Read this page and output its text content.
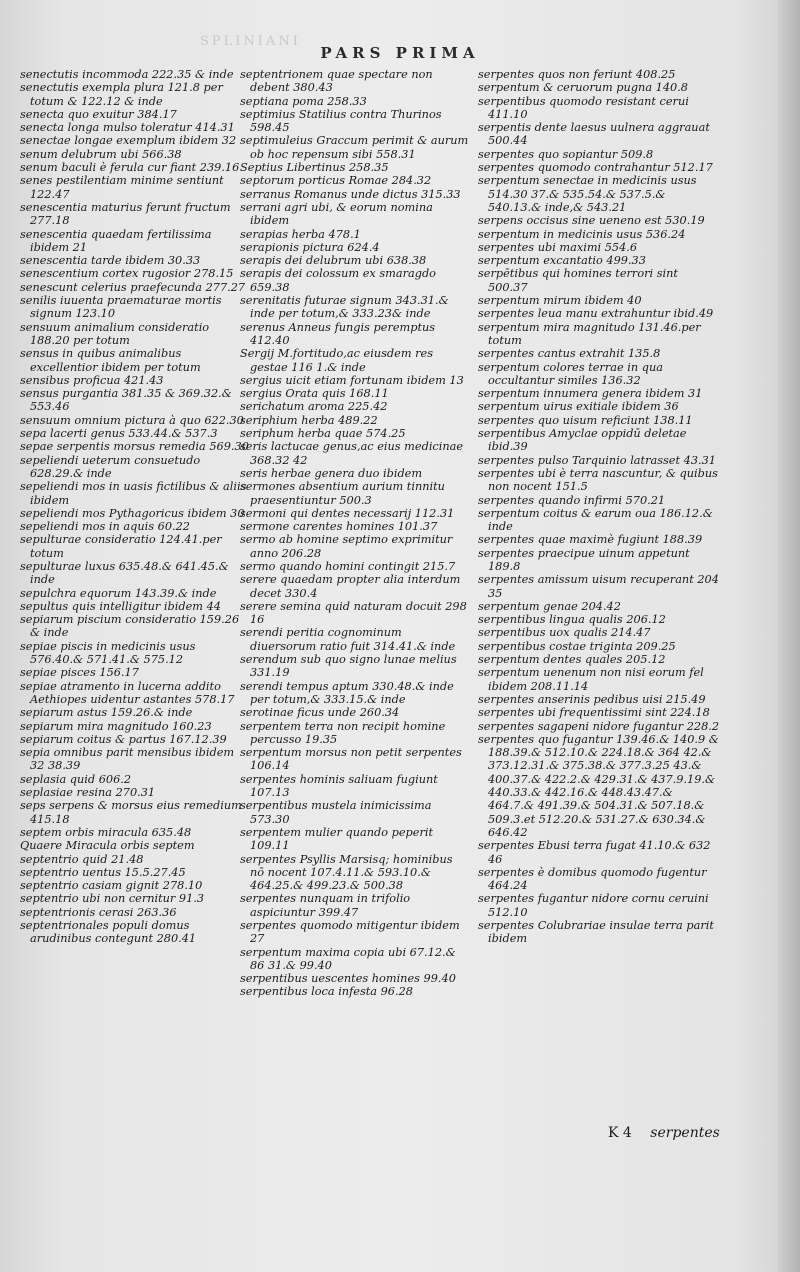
SPLINIANI
PARS PRIMA

senectutis incommoda 222.35 & inde

senectutis exempla plura 121.8 per totum & 122.12 & inde

senecta quo exuitur 384.17

senecta longa mulso toleratur 414.31

senectae longae exemplum ibidem 32

senum delubrum ubi 566.38

senum baculi è ferula cur fiant 239.16

senes pestilentiam minime sentiunt 122.47

senescentia maturius ferunt fructum 277.18

senescentia quaedam fertilissima ibidem 21

senescentia tarde ibidem 30.33

senescentium cortex rugosior 278.15

senescunt celerius praefecunda 277.27

senilis iuuenta praematurae mortis signum 123.10

sensuum animalium consideratio 188.20 per totum

sensus in quibus animalibus excellentior ibidem per totum

sensibus proficua 421.43

sensus purgantia 381.35 & 369.32.& 553.46

sensuum omnium pictura à quo 622.30

sepa lacerti genus 533.44.& 537.3

sepae serpentis morsus remedia 569.30

sepeliendi ueterum consuetudo 628.29.& inde

sepeliendi mos in uasis fictilibus & aliis ibidem

sepeliendi mos Pythagoricus ibidem 30

sepeliendi mos in aquis 60.22

sepulturae consideratio 124.41.per totum

sepulturae luxus 635.48.& 641.45.& inde

sepulchra equorum 143.39.& inde

sepultus quis intelligitur ibidem 44

sepiarum piscium consideratio 159.26 & inde

sepiae piscis in medicinis usus 576.40.& 571.41.& 575.12

sepiae pisces 156.17

sepiae atramento in lucerna addito Aethiopes uidentur astantes 578.17

sepiarum astus 159.26.& inde

sepiarum mira magnitudo 160.23

sepiarum coitus & partus 167.12.39

sepia omnibus parit mensibus ibidem 32 38.39

seplasia quid 606.2

seplasiae resina 270.31

seps serpens & morsus eius remedium 415.18

septem orbis miracula 635.48

Quaere Miracula orbis septem

septentrio quid 21.48

septentrio uentus 15.5.27.45

septentrio casiam gignit 278.10

septentrio ubi non cernitur 91.3

septentrionis cerasi 263.36

septentrionales populi domus arudinibus contegunt 280.41

septentrionem quae spectare non debent 380.43

septiana poma 258.33

septimius Statilius contra Thurinos 598.45

septimuleius Graccum perimit & aurum ob hoc repensum sibi 558.31

Septius Libertinus 258.35

septorum porticus Romae 284.32

serranus Romanus unde dictus 315.33

serrani agri ubi, & eorum nomina ibidem

serapias herba 478.1

serapionis pictura 624.4

serapis dei delubrum ubi 638.38

serapis dei colossum ex smaragdo 659.38

serenitatis futurae signum 343.31.& inde per totum,& 333.23& inde

serenus Anneus fungis peremptus 412.40

Sergij M.fortitudo,ac eiusdem res gestae 116 1.& inde

sergius uicit etiam fortunam ibidem 13

sergius Orata quis 168.11

serichatum aroma 225.42

seriphium herba 489.22

seriphum herba quae 574.25

seris lactucae genus,ac eius medicinae 368.32 42

seris herbae genera duo ibidem

sermones absentium aurium tinnitu praesentiuntur 500.3

sermoni qui dentes necessarij 112.31

sermone carentes homines 101.37

sermo ab homine septimo exprimitur anno 206.28

sermo quando homini contingit 215.7

serere quaedam propter alia interdum decet 330.4

serere semina quid naturam docuit 298 16

serendi peritia cognominum diuersorum ratio fuit 314.41.& inde

serendum sub quo signo lunae melius 331.19

serendi tempus aptum 330.48.& inde per totum,& 333.15.& inde

serotinae ficus unde 260.34

serpentem terra non recipit homine percusso 19.35

serpentum morsus non petit serpentes 106.14

serpentes hominis saliuam fugiunt 107.13

serpentibus mustela inimicissima 573.30

serpentem mulier quando peperit 109.11

serpentes Psyllis Marsisq; hominibus nō nocent 107.4.11.& 593.10.& 464.25.& 499.23.& 500.38

serpentes nunquam in trifolio aspiciuntur 399.47

serpentes quomodo mitigentur ibidem 27

serpentum maxima copia ubi 67.12.& 86 31.& 99.40

serpentibus uescentes homines 99.40

serpentibus loca infesta 96.28

serpentes quos non feriunt 408.25

serpentum & ceruorum pugna 140.8

serpentibus quomodo resistant cerui 411.10

serpentis dente laesus uulnera aggrauat 500.44

serpentes quo sopiantur 509.8

serpentes quomodo contrahantur 512.17

serpentum senectae in medicinis usus 514.30 37.& 535.54.& 537.5.& 540.13.& inde,& 543.21

serpens occisus sine ueneno est 530.19

serpentum in medicinis usus 536.24

serpentes ubi maximi 554.6

serpentum excantatio 499.33

serpētibus qui homines terrori sint 500.37

serpentum mirum ibidem 40

serpentes leua manu extrahuntur ibid.49

serpentum mira magnitudo 131.46.per totum

serpentes cantus extrahit 135.8

serpentum colores terrae in qua occultantur similes 136.32

serpentum innumera genera ibidem 31

serpentum uirus exitiale ibidem 36

serpentes quo uisum reficiunt 138.11

serpentibus Amyclae oppidū deletae ibid.39

serpentes pulso Tarquinio latrasset 43.31

serpentes ubi è terra nascuntur, & quibus non nocent 151.5

serpentes quando infirmi 570.21

serpentum coitus & earum oua 186.12.& inde

serpentes quae maximè fugiunt 188.39

serpentes praecipue uinum appetunt 189.8

serpentes amissum uisum recuperant 204 35

serpentum genae 204.42

serpentibus lingua qualis 206.12

serpentibus uox qualis 214.47

serpentibus costae triginta 209.25

serpentum dentes quales 205.12

serpentum uenenum non nisi eorum fel ibidem 208.11.14

serpentes anserinis pedibus uisi 215.49

serpentes ubi frequentissimi sint 224.18

serpentes sagapeni nidore fugantur 228.2

serpentes quo fugantur 139.46.& 140.9 & 188.39.& 512.10.& 224.18.& 364 42.& 373.12.31.& 375.38.& 377.3.25 43.& 400.37.& 422.2.& 429.31.& 437.9.19.& 440.33.& 442.16.& 448.43.47.& 464.7.& 491.39.& 504.31.& 507.18.& 509.3.et 512.20.& 531.27.& 630.34.& 646.42

serpentes Ebusi terra fugat 41.10.& 632 46

serpentes è domibus quomodo fugentur 464.24

serpentes fugantur nidore cornu ceruini 512.10

serpentes Colubrariae insulae terra parit ibidem

K 4 serpentes
